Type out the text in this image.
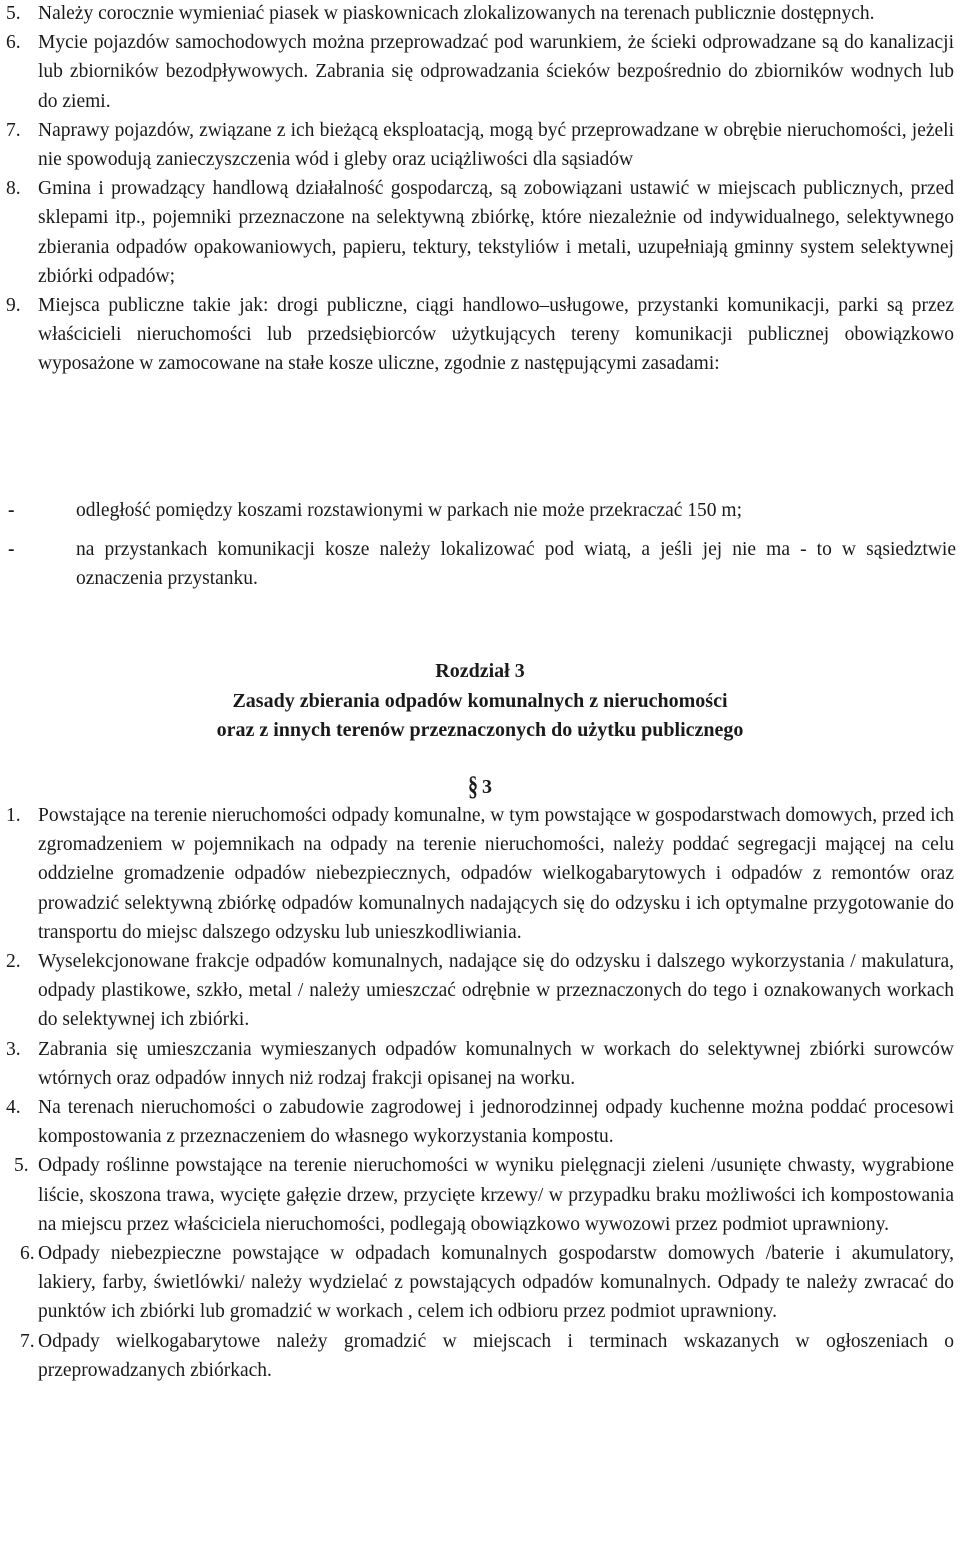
5. Należy corocznie wymieniać piasek w piaskownicach zlokalizowanych na terenach publicznie dostępnych.
6. Mycie pojazdów samochodowych można przeprowadzać pod warunkiem, że ścieki odprowadzane są do kanalizacji lub zbiorników bezodpływowych. Zabrania się odprowadzania ścieków bezpośrednio do zbiorników wodnych lub do ziemi.
7. Naprawy pojazdów, związane z ich bieżącą eksploatacją, mogą być przeprowadzane w obrębie nieruchomości, jeżeli nie spowodują zanieczyszczenia wód i gleby oraz uciążliwości dla sąsiadów
8. Gmina i prowadzący handlową działalność gospodarczą, są zobowiązani ustawić w miejscach publicznych, przed sklepami itp., pojemniki przeznaczone na selektywną zbiórkę, które niezależnie od indywidualnego, selektywnego zbierania odpadów opakowaniowych, papieru, tektury, tekstyliów i metali, uzupełniają gminny system selektywnej zbiórki odpadów;
9. Miejsca publiczne takie jak: drogi publiczne, ciągi handlowo–usługowe, przystanki komunikacji, parki są przez właścicieli nieruchomości lub przedsiębiorców użytkujących tereny komunikacji publicznej obowiązkowo wyposażone w zamocowane na stałe kosze uliczne, zgodnie z następującymi zasadami:
-	odległość pomiędzy koszami rozstawionymi w parkach nie może przekraczać 150 m;
-	na przystankach komunikacji kosze należy lokalizować pod wiatą, a jeśli jej nie ma - to w sąsiedztwie oznaczenia przystanku.
Rozdział 3
Zasady zbierania odpadów komunalnych z nieruchomości
oraz z innych terenów przeznaczonych do użytku publicznego
§ 3
1. Powstające na terenie nieruchomości odpady komunalne, w tym powstające w gospodarstwach domowych, przed ich zgromadzeniem w pojemnikach na odpady na terenie nieruchomości, należy poddać segregacji mającej na celu oddzielne gromadzenie odpadów niebezpiecznych, odpadów wielkogabarytowych i odpadów z remontów oraz prowadzić selektywną zbiórkę odpadów komunalnych nadających się do odzysku i ich optymalne przygotowanie do transportu do miejsc dalszego odzysku lub unieszkodliwiania.
2. Wyselekcjonowane frakcje odpadów komunalnych, nadające się do odzysku i dalszego wykorzystania / makulatura, odpady plastikowe, szkło, metal / należy umieszczać odrębnie w przeznaczonych do tego i oznakowanych workach do selektywnej ich zbiórki.
3. Zabrania się umieszczania wymieszanych odpadów komunalnych w workach do selektywnej zbiórki surowców wtórnych oraz odpadów innych niż rodzaj frakcji opisanej na worku.
4. Na terenach nieruchomości o zabudowie zagrodowej i jednorodzinnej odpady kuchenne można poddać procesowi kompostowania z przeznaczeniem do własnego wykorzystania kompostu.
5. Odpady roślinne powstające na terenie nieruchomości w wyniku pielęgnacji zieleni /usunięte chwasty, wygrabione liście, skoszona trawa, wycięte gałęzie drzew, przycięte krzewy/ w przypadku braku możliwości ich kompostowania na miejscu przez właściciela nieruchomości, podlegają obowiązkowo wywozowi przez podmiot uprawniony.
6. Odpady niebezpieczne powstające w odpadach komunalnych gospodarstw domowych /baterie i akumulatory, lakiery, farby, świetlówki/ należy wydzielać z powstających odpadów komunalnych. Odpady te należy zwracać do punktów ich zbiórki lub gromadzić w workach , celem ich odbioru przez podmiot uprawniony.
7. Odpady wielkogabarytowe należy gromadzić w miejscach i terminach wskazanych w ogłoszeniach o przeprowadzanych zbiórkach.
